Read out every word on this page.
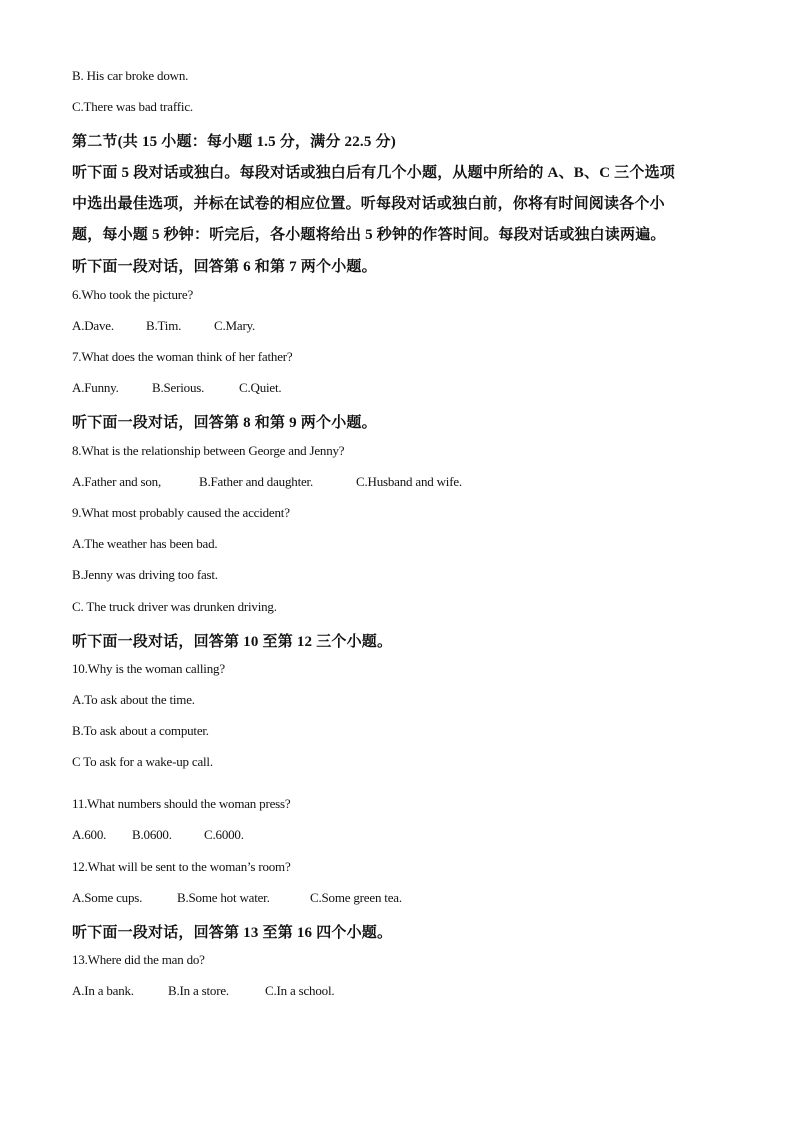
B. His car broke down.
C.There was bad traffic.
第二节(共 15 小题：每小题 1.5 分，满分 22.5 分)
听下面 5 段对话或独白。每段对话或独白后有几个小题，从题中所给的 A、B、C 三个选项
中选出最佳选项，并标在试卷的相应位置。听每段对话或独白前，你将有时间阅读各个小
题，每小题 5 秒钟：听完后，各小题将给出 5 秒钟的作答时间。每段对话或独白读两遍。
听下面一段对话，回答第 6 和第 7 两个小题。
6.Who took the picture?
A.Dave. B.Tim.	C.Mary.
7.What does the woman think of her father?
A.Funny.	B.Serious.	C.Quiet.
听下面一段对话，回答第 8 和第 9 两个小题。
8.What is the relationship between George and Jenny?
A.Father and son,	B.Father and daughter.	C.Husband and wife.
9.What most probably caused the accident?
A.The weather has been bad.
B.Jenny was driving too fast.
C. The truck driver was drunken driving.
听下面一段对话，回答第 10 至第 12 三个小题。
10.Why is the woman calling?
A.To ask about the time.
B.To ask about a computer.
C To ask for a wake-up call.
11.What numbers should the woman press?
A.600. B.0600. C.6000.
12.What will be sent to the woman’s room?
A.Some cups.	B.Some hot water.	C.Some green tea.
听下面一段对话，回答第 13 至第 16 四个小题。
13.Where did the man do?
A.In a bank.	B.In a store.	C.In a school.
